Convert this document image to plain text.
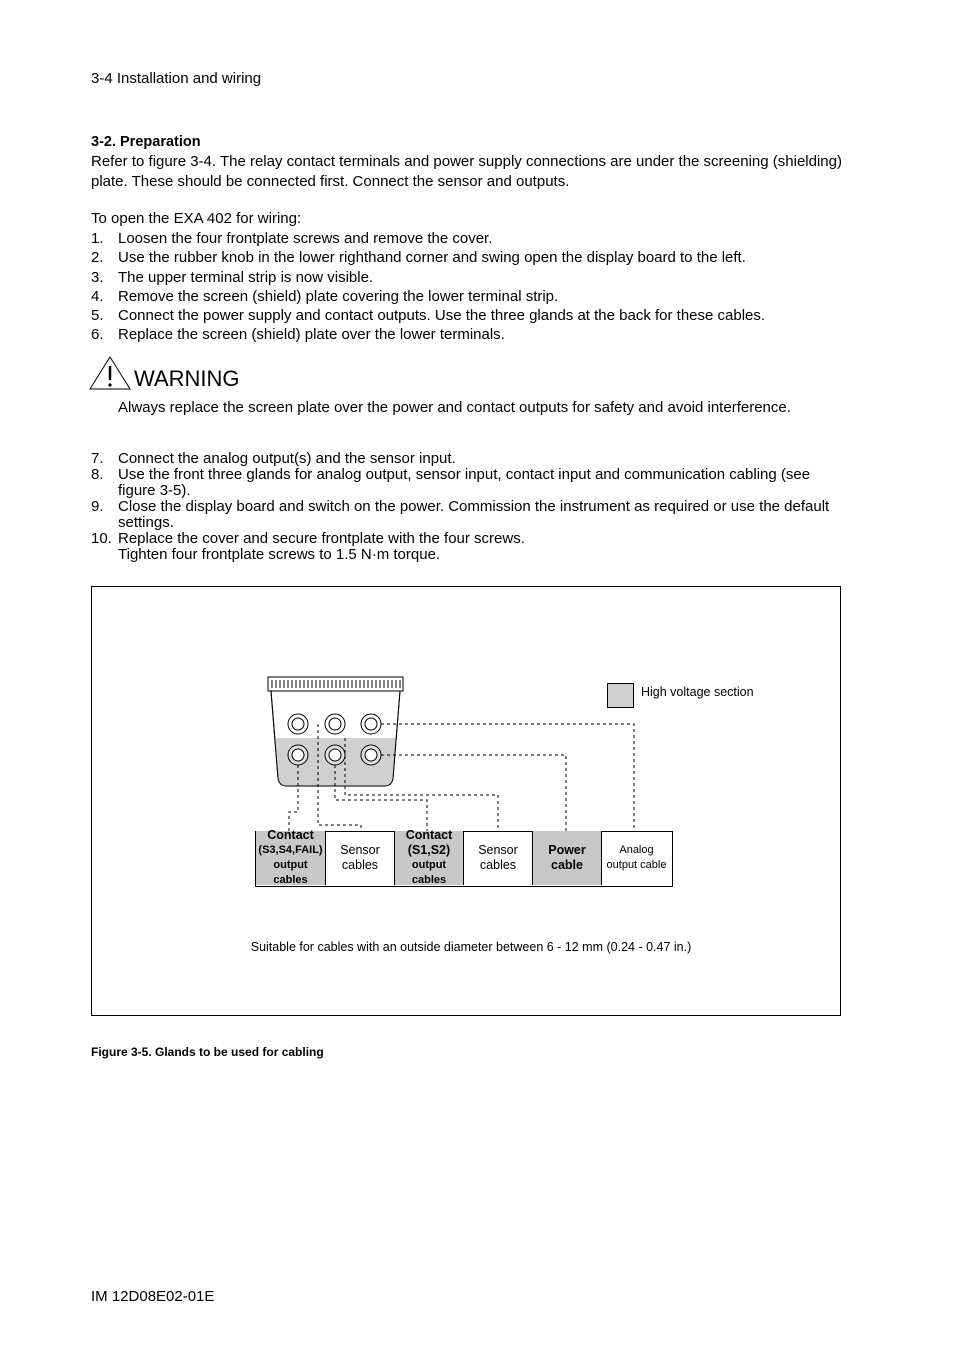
3-4 Installation and wiring
3-2. Preparation
Refer to figure 3-4. The relay contact terminals and power supply connections are under the screening (shielding) plate. These should be connected first. Connect the sensor and outputs.
To open the EXA 402 for wiring:
1. Loosen the four frontplate screws and remove the cover.
2. Use the rubber knob in the lower righthand corner and swing open the display board to the left.
3. The upper terminal strip is now visible.
4. Remove the screen (shield) plate covering the lower terminal strip.
5. Connect the power supply and contact outputs. Use the three glands at the back for these cables.
6. Replace the screen (shield) plate over the lower terminals.
WARNING
Always replace the screen plate over the power and contact outputs for safety and avoid interference.
7. Connect the analog output(s) and the sensor input.
8. Use the front three glands for analog output, sensor input, contact input and communication cabling (see figure 3-5).
9. Close the display board and switch on the power. Commission the instrument as required or use the default settings.
10. Replace the cover and secure frontplate with the four screws.
Tighten four frontplate screws to 1.5 N·m torque.
High voltage section
Contact
(S3,S4,FAIL)
output cables
Sensor
cables
Contact
(S1,S2)
output cables
Sensor
cables
Power
cable
Analog
output cable
Suitable for cables with an outside diameter between 6 - 12 mm (0.24 - 0.47 in.)
Figure 3-5. Glands to be used for cabling
IM 12D08E02-01E
